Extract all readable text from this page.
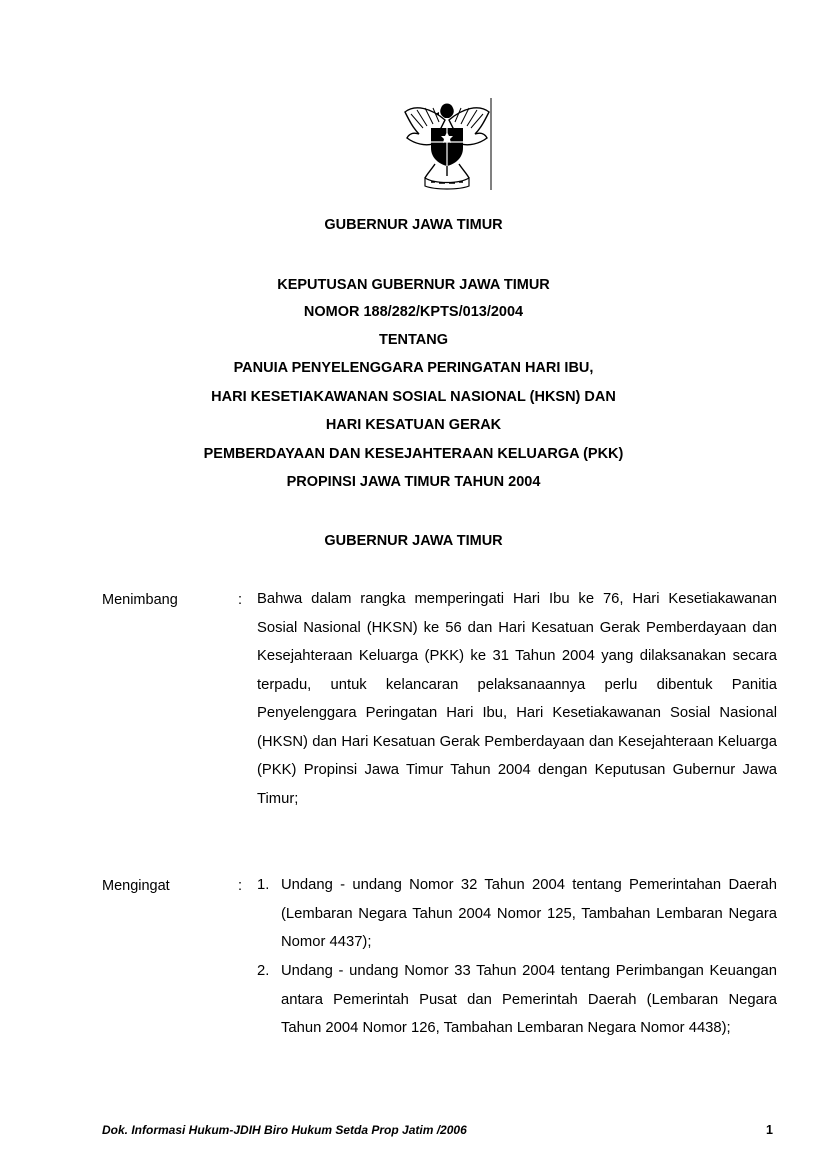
GUBERNUR JAWA TIMUR
KEPUTUSAN GUBERNUR JAWA TIMUR
NOMOR 188/282/KPTS/013/2004
TENTANG
PANUIA PENYELENGGARA PERINGATAN HARI IBU,
HARI KESETIAKAWANAN SOSIAL NASIONAL (HKSN) DAN
HARI KESATUAN GERAK
PEMBERDAYAAN DAN KESEJAHTERAAN KELUARGA (PKK)
PROPINSI JAWA TIMUR TAHUN 2004
GUBERNUR JAWA TIMUR
Menimbang	: Bahwa dalam rangka memperingati Hari Ibu ke 76, Hari Kesetiakawanan Sosial Nasional (HKSN) ke 56 dan Hari Kesatuan Gerak Pemberdayaan dan Kesejahteraan Keluarga (PKK) ke 31 Tahun 2004 yang dilaksanakan secara terpadu, untuk kelancaran pelaksanaannya perlu dibentuk Panitia Penyelenggara Peringatan Hari Ibu, Hari Kesetiakawanan Sosial Nasional (HKSN) dan Hari Kesatuan Gerak Pemberdayaan dan Kesejahteraan Keluarga (PKK) Propinsi Jawa Timur Tahun 2004 dengan Keputusan Gubernur Jawa Timur;
Mengingat	: 1. Undang - undang Nomor 32 Tahun 2004 tentang Pemerintahan Daerah (Lembaran Negara Tahun 2004 Nomor 125, Tambahan Lembaran Negara Nomor 4437);
2. Undang - undang Nomor 33 Tahun 2004 tentang Perimbangan Keuangan antara Pemerintah Pusat dan Pemerintah Daerah (Lembaran Negara Tahun 2004 Nomor 126, Tambahan Lembaran Negara Nomor 4438);
Dok. Informasi Hukum-JDIH Biro Hukum Setda Prop Jatim /2006	1
